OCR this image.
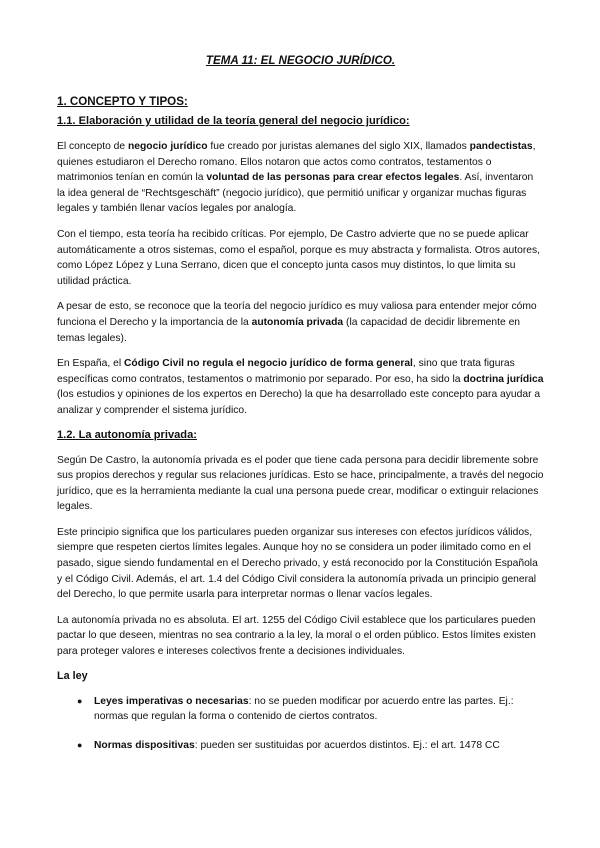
TEMA 11: EL NEGOCIO JURÍDICO.
1. CONCEPTO Y TIPOS:
1.1. Elaboración y utilidad de la teoría general del negocio jurídico:

El concepto de negocio jurídico fue creado por juristas alemanes del siglo XIX, llamados pandectistas, quienes estudiaron el Derecho romano. Ellos notaron que actos como contratos, testamentos o matrimonios tenían en común la voluntad de las personas para crear efectos legales. Así, inventaron la idea general de “Rechtsgeschäft” (negocio jurídico), que permitió unificar y organizar muchas figuras legales y también llenar vacíos legales por analogía.

Con el tiempo, esta teoría ha recibido críticas. Por ejemplo, De Castro advierte que no se puede aplicar automáticamente a otros sistemas, como el español, porque es muy abstracta y formalista. Otros autores, como López López y Luna Serrano, dicen que el concepto junta casos muy distintos, lo que limita su utilidad práctica.

A pesar de esto, se reconoce que la teoría del negocio jurídico es muy valiosa para entender mejor cómo funciona el Derecho y la importancia de la autonomía privada (la capacidad de decidir libremente en temas legales).

En España, el Código Civil no regula el negocio jurídico de forma general, sino que trata figuras específicas como contratos, testamentos o matrimonio por separado. Por eso, ha sido la doctrina jurídica (los estudios y opiniones de los expertos en Derecho) la que ha desarrollado este concepto para ayudar a analizar y comprender el sistema jurídico.

1.2. La autonomía privada:

Según De Castro, la autonomía privada es el poder que tiene cada persona para decidir libremente sobre sus propios derechos y regular sus relaciones jurídicas. Esto se hace, principalmente, a través del negocio jurídico, que es la herramienta mediante la cual una persona puede crear, modificar o extinguir relaciones legales.

Este principio significa que los particulares pueden organizar sus intereses con efectos jurídicos válidos, siempre que respeten ciertos límites legales. Aunque hoy no se considera un poder ilimitado como en el pasado, sigue siendo fundamental en el Derecho privado, y está reconocido por la Constitución Española y el Código Civil. Además, el art. 1.4 del Código Civil considera la autonomía privada un principio general del Derecho, lo que permite usarla para interpretar normas o llenar vacíos legales.

La autonomía privada no es absoluta. El art. 1255 del Código Civil establece que los particulares pueden pactar lo que deseen, mientras no sea contrario a la ley, la moral o el orden público. Estos límites existen para proteger valores e intereses colectivos frente a decisiones individuales.

La ley
● Leyes imperativas o necesarias: no se pueden modificar por acuerdo entre las partes. Ej.: normas que regulan la forma o contenido de ciertos contratos.
● Normas dispositivas: pueden ser sustituidas por acuerdos distintos. Ej.: el art. 1478 CC
